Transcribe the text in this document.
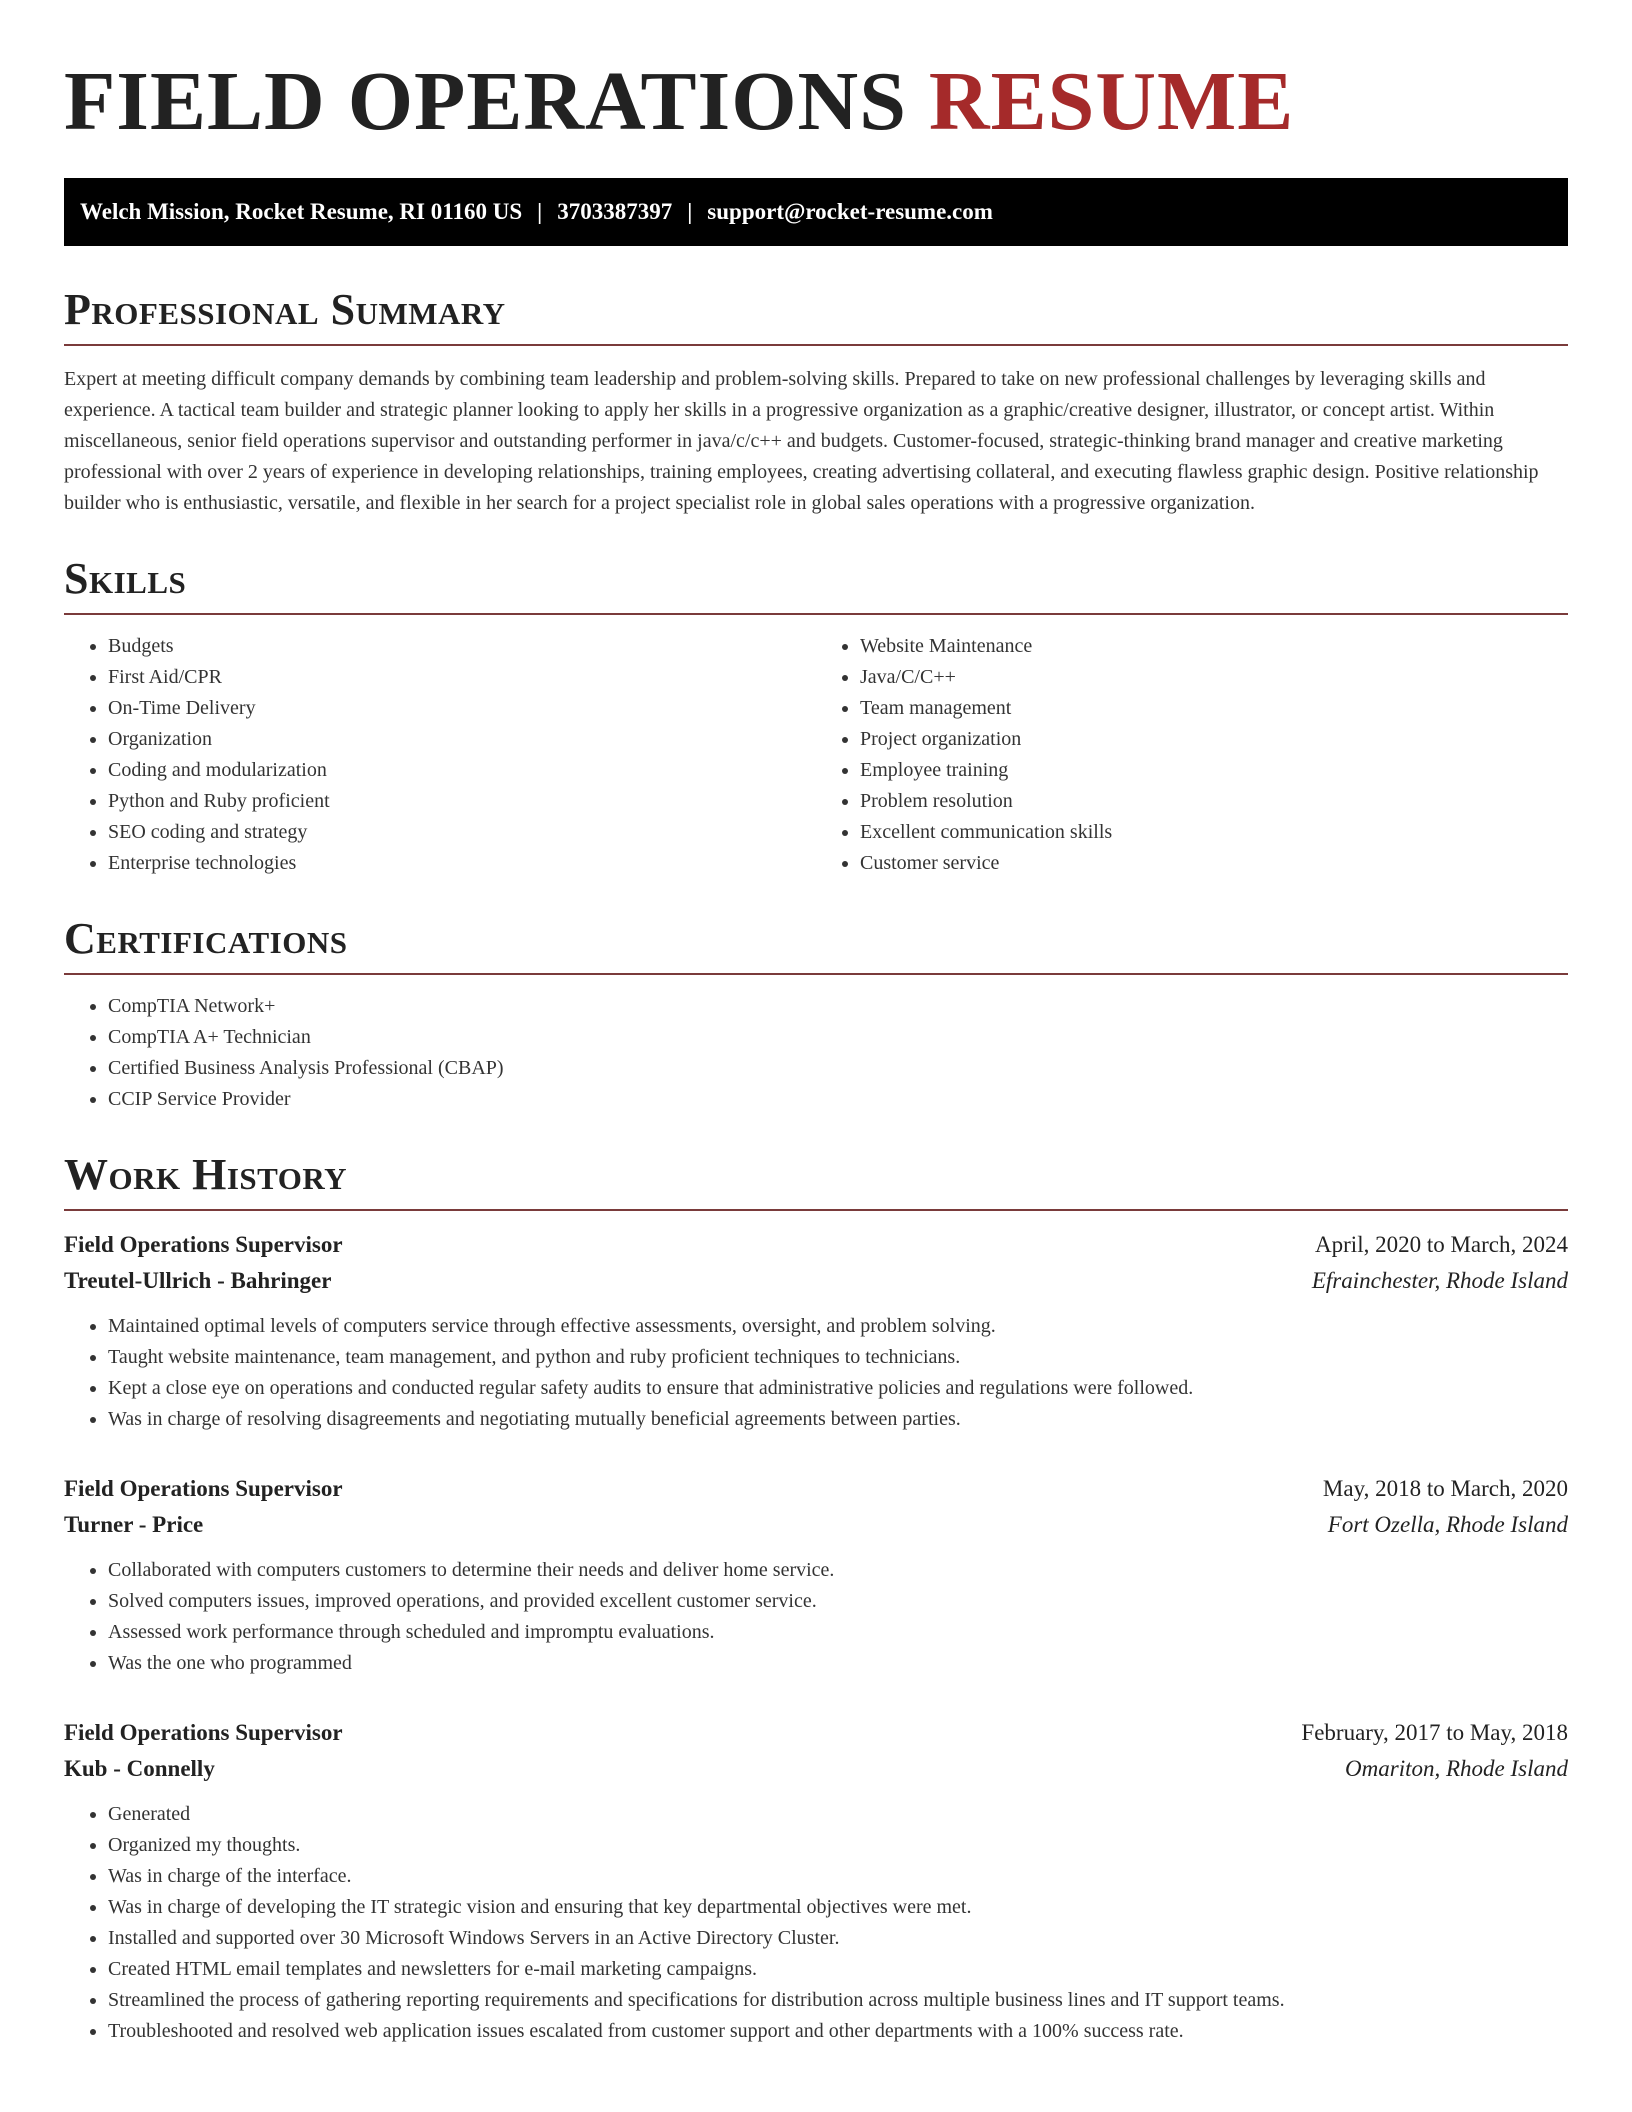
FIELD OPERATIONS RESUME
Welch Mission, Rocket Resume, RI 01160 US | 3703387397 | support@rocket-resume.com
Professional Summary

Expert at meeting difficult company demands by combining team leadership and problem-solving skills. Prepared to take on new professional challenges by leveraging skills and experience. A tactical team builder and strategic planner looking to apply her skills in a progressive organization as a graphic/creative designer, illustrator, or concept artist. Within miscellaneous, senior field operations supervisor and outstanding performer in java/c/c++ and budgets. Customer-focused, strategic-thinking brand manager and creative marketing professional with over 2 years of experience in developing relationships, training employees, creating advertising collateral, and executing flawless graphic design. Positive relationship builder who is enthusiastic, versatile, and flexible in her search for a project specialist role in global sales operations with a progressive organization.

Skills
• Budgets
• First Aid/CPR
• On-Time Delivery
• Organization
• Coding and modularization
• Python and Ruby proficient
• SEO coding and strategy
• Enterprise technologies
• Website Maintenance
• Java/C/C++
• Team management
• Project organization
• Employee training
• Problem resolution
• Excellent communication skills
• Customer service
Certifications
• CompTIA Network+
• CompTIA A+ Technician
• Certified Business Analysis Professional (CBAP)
• CCIP Service Provider
Work History
Field Operations Supervisor	April, 2020 to March, 2024
Treutel-Ullrich - Bahringer	Efrainchester, Rhode Island
• Maintained optimal levels of computers service through effective assessments, oversight, and problem solving.
• Taught website maintenance, team management, and python and ruby proficient techniques to technicians.
• Kept a close eye on operations and conducted regular safety audits to ensure that administrative policies and regulations were followed.
• Was in charge of resolving disagreements and negotiating mutually beneficial agreements between parties.
Field Operations Supervisor	May, 2018 to March, 2020
Turner - Price	Fort Ozella, Rhode Island
• Collaborated with computers customers to determine their needs and deliver home service.
• Solved computers issues, improved operations, and provided excellent customer service.
• Assessed work performance through scheduled and impromptu evaluations.
• Was the one who programmed
Field Operations Supervisor	February, 2017 to May, 2018
Kub - Connelly	Omariton, Rhode Island
• Generated
• Organized my thoughts.
• Was in charge of the interface.
• Was in charge of developing the IT strategic vision and ensuring that key departmental objectives were met.
• Installed and supported over 30 Microsoft Windows Servers in an Active Directory Cluster.
• Created HTML email templates and newsletters for e-mail marketing campaigns.
• Streamlined the process of gathering reporting requirements and specifications for distribution across multiple business lines and IT support teams.
• Troubleshooted and resolved web application issues escalated from customer support and other departments with a 100% success rate.
